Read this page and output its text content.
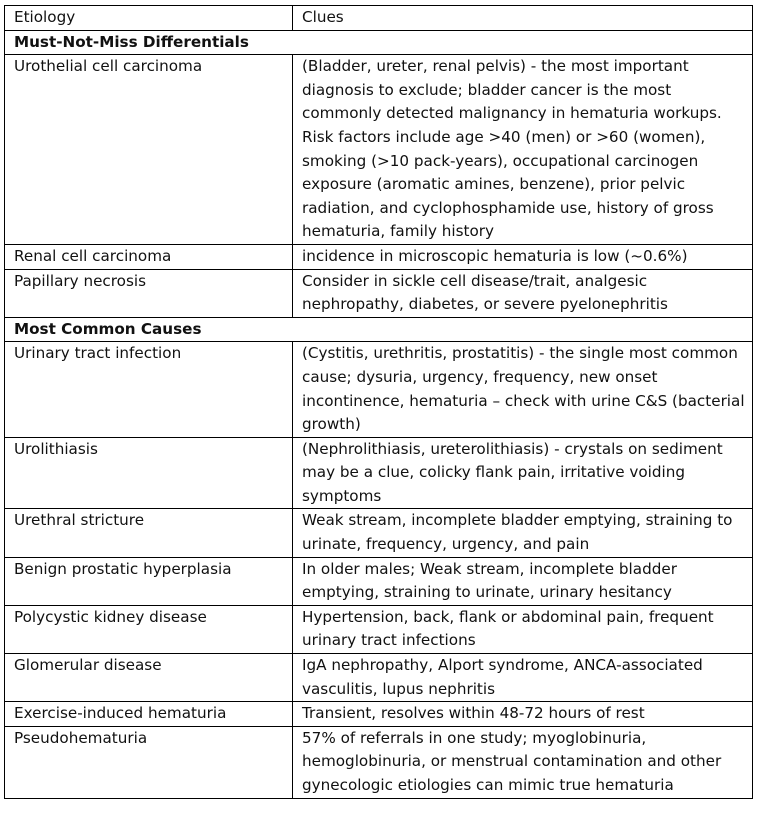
Etiology	Clues
Must-Not-Miss Differentials	
Urothelial cell carcinoma	(Bladder, ureter, renal pelvis) - the most important diagnosis to exclude; bladder cancer is the most commonly detected malignancy in hematuria workups. Risk factors include age >40 (men) or >60 (women), smoking (>10 pack-years), occupational carcinogen exposure (aromatic amines, benzene), prior pelvic radiation, and cyclophosphamide use, history of gross hematuria, family history
Renal cell carcinoma	incidence in microscopic hematuria is low (~0.6%)
Papillary necrosis	Consider in sickle cell disease/trait, analgesic nephropathy, diabetes, or severe pyelonephritis
Most Common Causes	
Urinary tract infection	(Cystitis, urethritis, prostatitis) - the single most common cause; dysuria, urgency, frequency, new onset incontinence, hematuria – check with urine C&S (bacterial growth)
Urolithiasis	(Nephrolithiasis, ureterolithiasis) - crystals on sediment may be a clue, colicky flank pain, irritative voiding symptoms
Urethral stricture	Weak stream, incomplete bladder emptying, straining to urinate, frequency, urgency, and pain
Benign prostatic hyperplasia	In older males; Weak stream, incomplete bladder emptying, straining to urinate, urinary hesitancy
Polycystic kidney disease	Hypertension, back, flank or abdominal pain, frequent urinary tract infections
Glomerular disease	IgA nephropathy, Alport syndrome, ANCA-associated vasculitis, lupus nephritis
Exercise-induced hematuria	Transient, resolves within 48-72 hours of rest
Pseudohematuria	57% of referrals in one study; myoglobinuria, hemoglobinuria, or menstrual contamination and other gynecologic etiologies can mimic true hematuria
